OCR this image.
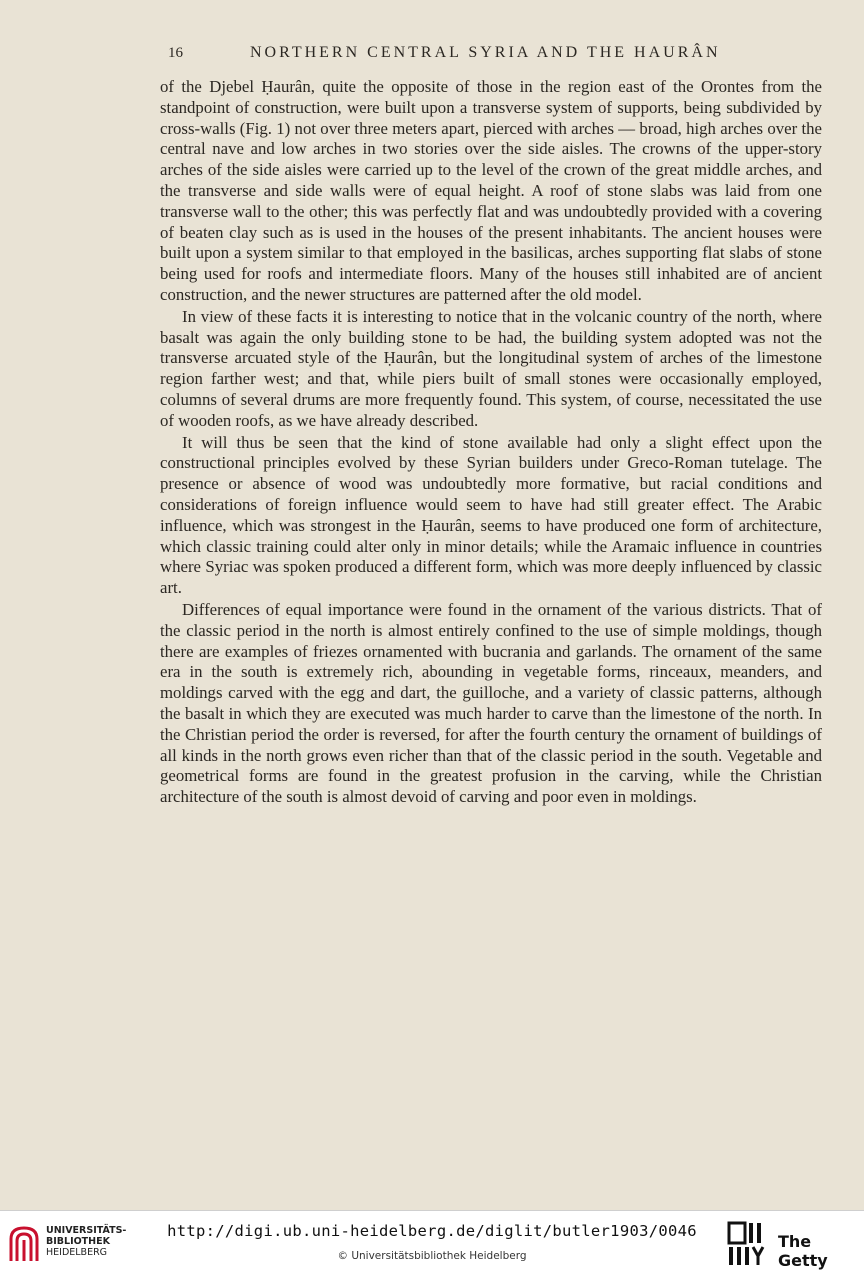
16	NORTHERN CENTRAL SYRIA AND THE HAURÂN

of the Djebel Ḥaurân, quite the opposite of those in the region east of the Orontes from the standpoint of construction, were built upon a transverse system of supports, being subdivided by cross-walls (Fig. 1) not over three meters apart, pierced with arches — broad, high arches over the central nave and low arches in two stories over the side aisles. The crowns of the upper-story arches of the side aisles were carried up to the level of the crown of the great middle arches, and the transverse and side walls were of equal height. A roof of stone slabs was laid from one transverse wall to the other; this was perfectly flat and was undoubtedly provided with a covering of beaten clay such as is used in the houses of the present inhabitants. The ancient houses were built upon a system similar to that employed in the basilicas, arches supporting flat slabs of stone being used for roofs and intermediate floors. Many of the houses still inhabited are of ancient construction, and the newer structures are patterned after the old model.

In view of these facts it is interesting to notice that in the volcanic country of the north, where basalt was again the only building stone to be had, the building system adopted was not the transverse arcuated style of the Ḥaurân, but the longitudinal system of arches of the limestone region farther west; and that, while piers built of small stones were occasionally employed, columns of several drums are more frequently found. This system, of course, necessitated the use of wooden roofs, as we have already described.

It will thus be seen that the kind of stone available had only a slight effect upon the constructional principles evolved by these Syrian builders under Greco-Roman tutelage. The presence or absence of wood was undoubtedly more formative, but racial conditions and considerations of foreign influence would seem to have had still greater effect. The Arabic influence, which was strongest in the Ḥaurân, seems to have produced one form of architecture, which classic training could alter only in minor details; while the Aramaic influence in countries where Syriac was spoken produced a different form, which was more deeply influenced by classic art.

Differences of equal importance were found in the ornament of the various districts. That of the classic period in the north is almost entirely confined to the use of simple moldings, though there are examples of friezes ornamented with bucrania and garlands. The ornament of the same era in the south is extremely rich, abounding in vegetable forms, rinceaux, meanders, and moldings carved with the egg and dart, the guilloche, and a variety of classic patterns, although the basalt in which they are executed was much harder to carve than the limestone of the north. In the Christian period the order is reversed, for after the fourth century the ornament of buildings of all kinds in the north grows even richer than that of the classic period in the south. Vegetable and geometrical forms are found in the greatest profusion in the carving, while the Christian architecture of the south is almost devoid of carving and poor even in moldings.

UNIVERSITÄTS-
BIBLIOTHEK
HEIDELBERG
http://digi.ub.uni-heidelberg.de/diglit/butler1903/0046
© Universitätsbibliothek Heidelberg
The Getty
